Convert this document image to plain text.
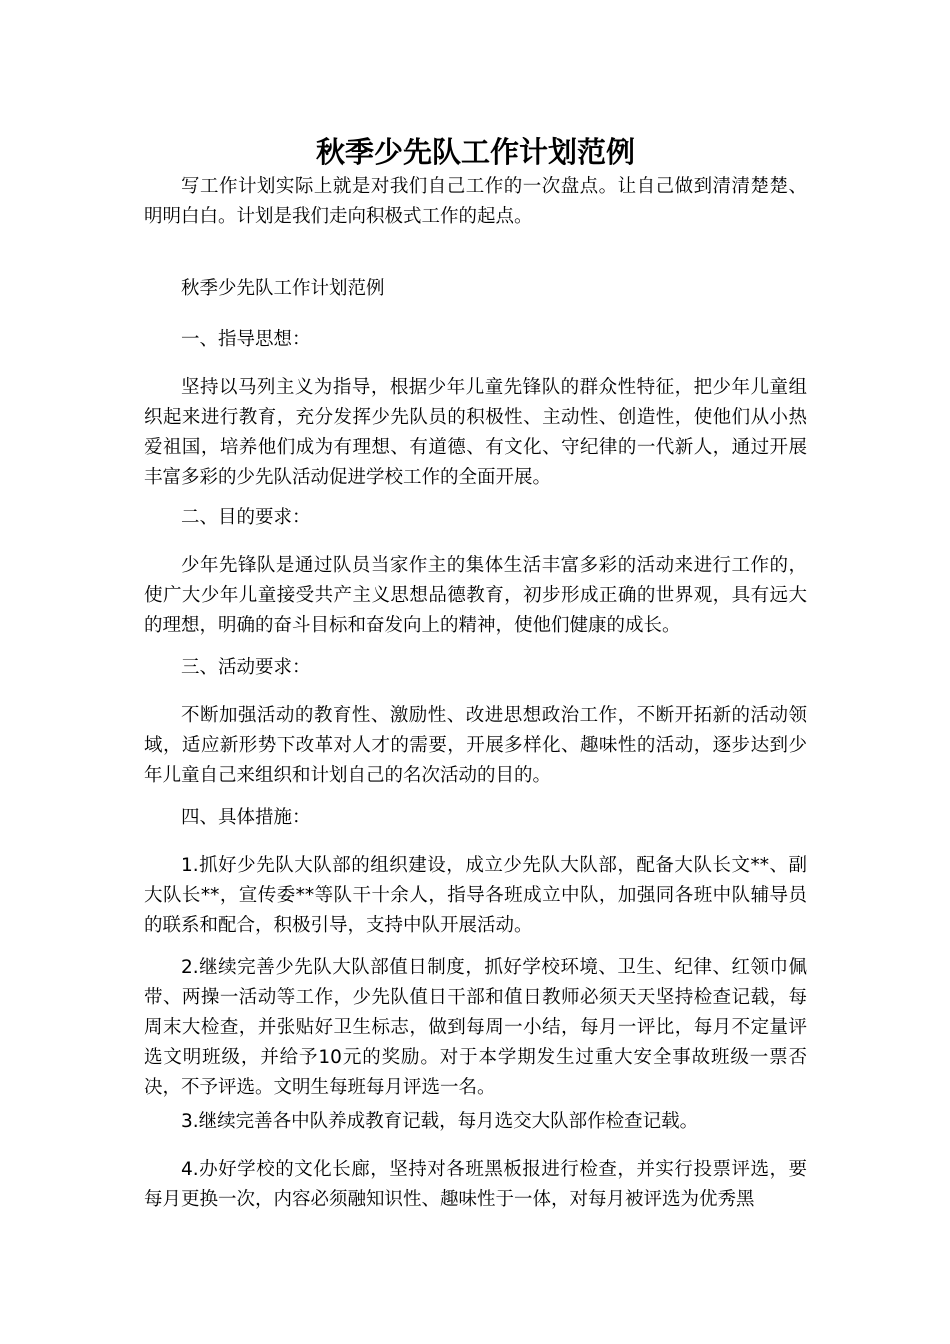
秋季少先队工作计划范例

写工作计划实际上就是对我们自己工作的一次盘点。让自己做到清清楚楚、明明白白。计划是我们走向积极式工作的起点。

秋季少先队工作计划范例

一、指导思想：

坚持以马列主义为指导，根据少年儿童先锋队的群众性特征，把少年儿童组织起来进行教育，充分发挥少先队员的积极性、主动性、创造性，使他们从小热爱祖国，培养他们成为有理想、有道德、有文化、守纪律的一代新人，通过开展丰富多彩的少先队活动促进学校工作的全面开展。

二、目的要求：

少年先锋队是通过队员当家作主的集体生活丰富多彩的活动来进行工作的，使广大少年儿童接受共产主义思想品德教育，初步形成正确的世界观，具有远大的理想，明确的奋斗目标和奋发向上的精神，使他们健康的成长。

三、活动要求：

不断加强活动的教育性、激励性、改进思想政治工作，不断开拓新的活动领域，适应新形势下改革对人才的需要，开展多样化、趣味性的活动，逐步达到少年儿童自己来组织和计划自己的名次活动的目的。

四、具体措施：

1.抓好少先队大队部的组织建设，成立少先队大队部，配备大队长文**、副大队长**，宣传委**等队干十余人，指导各班成立中队，加强同各班中队辅导员的联系和配合，积极引导，支持中队开展活动。

2.继续完善少先队大队部值日制度，抓好学校环境、卫生、纪律、红领巾佩带、两操一活动等工作，少先队值日干部和值日教师必须天天坚持检查记载，每周末大检查，并张贴好卫生标志，做到每周一小结，每月一评比，每月不定量评选文明班级，并给予10元的奖励。对于本学期发生过重大安全事故班级一票否决，不予评选。文明生每班每月评选一名。

3.继续完善各中队养成教育记载，每月选交大队部作检查记载。

4.办好学校的文化长廊，坚持对各班黑板报进行检查，并实行投票评选，要每月更换一次，内容必须融知识性、趣味性于一体，对每月被评选为优秀黑
